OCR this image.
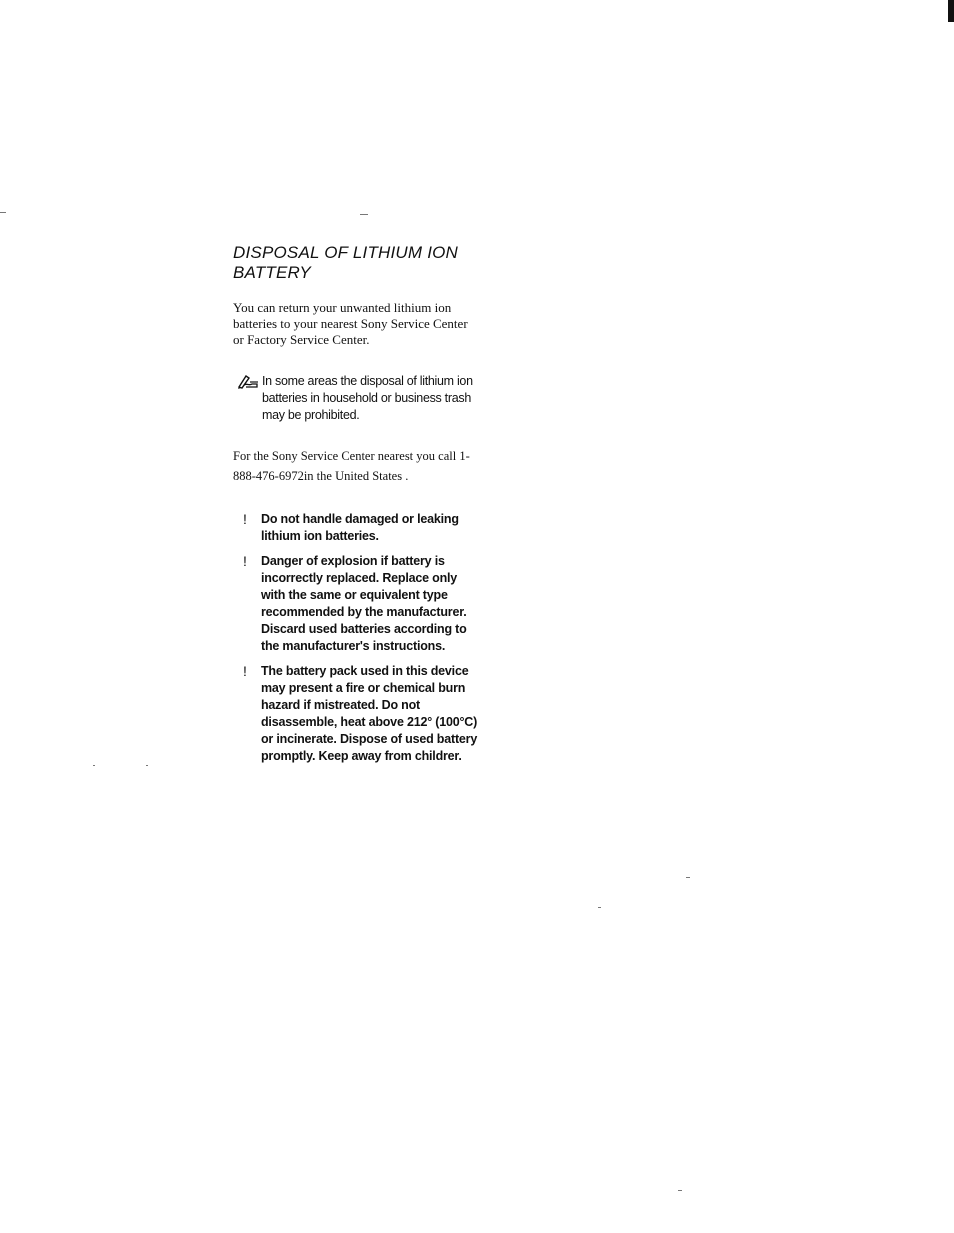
DISPOSAL OF LITHIUM ION
BATTERY

You can return your unwanted lithium ion batteries to your nearest Sony Service Center or Factory Service Center.

In some areas the disposal of lithium ion batteries in household or business trash may be prohibited.
For the Sony Service Center nearest you call 1-888-476-6972in the United States .
! Do not handle damaged or leaking lithium ion batteries.
! Danger of explosion if battery is incorrectly replaced. Replace only with the same or equivalent type recommended by the manufacturer. Discard used batteries according to the manufacturer's instructions.
! The battery pack used in this device may present a fire or chemical burn hazard if mistreated. Do not disassemble, heat above 212° (100°C) or incinerate. Dispose of used battery promptly. Keep away from childrer.
